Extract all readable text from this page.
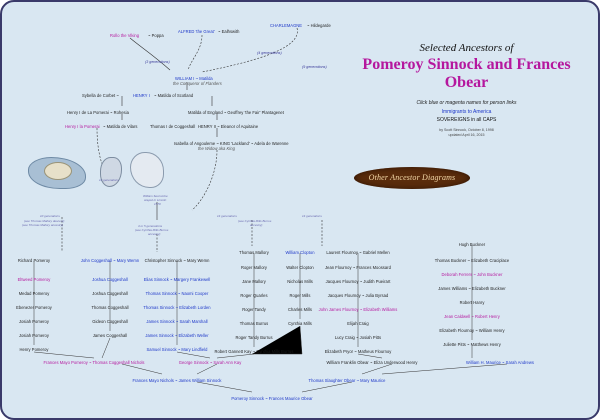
Selected Ancestors of
Pomeroy Sinnock and Frances Obear
Click blue or magenta names for person links
Immigrants to America
SOVEREIGNS in all CAPS
by Scott Sinnock, October 8, 1998
updated April 16, 2015
Other Ancestor Diagrams
Rollo the Viking ~ Poppa
ALFRED 'the Great' ~ Ealhswith
CHARLEMAGNE ~ Hildegarde
(3 generations)
(4 generations)
(9 generations)
WILLIAM I ~ Matilda
the Conqueror of Flanders
Sybella de Corbet ~	HENRY I ~ Matilda of Scotland
Henry I de La Pomerai ~ Rohesia	Matilda of England ~ Geoffrey 'the Fair' Plantagenet
Henry I la Pomerai ~ Matilda de Vilars	Thomas I de Coggeshall HENRY II ~ Eleanor of Aquitaine
Isabella of Angouleme ~ KING 'Lackland' ~ Adela de Warenne
the Widow aka King
12 generations
10 generations
(see Thomas Mallory descent)
(see Thomas Mallory ancestry)
William Seccombe
stayed in Lincoln
1570
4 or 5 generations
(see Cynthia Mills Burrus
ancestry)
14 generations
(see Cynthia Mills Burrus
ancestry)
14 generations
Richard Pomeroy
Eltweed Pomeroy
Medad Pomeroy
Ebenezer Pomeroy
Josiah Pomeroy
Josiah Pomeroy
Henry Pomeroy
John Coggeshall ~ Mary Wemn
Joshua Coggeshall
Joshua Coggeshall
Thomas Coggeshall
Gideon Coggeshall
James Coggeshall
Christopher Sinnock ~ Mary Wemn
Elias Sinnock ~ Margery Frankewell
Thomas Sinnock ~ Naomi Cooper
Thomas Sinnock ~ Elizabeth Lorden
James Sinnock ~ Sarah Marshall
James Sinnock ~ Elizabeth Weller
Samuel Sinnock ~ Mary Lindfield
Thomas Mallory
Roger Mallory
Jane Mallory
Roger Quarles
Roger Tandy
Thomas Burrus
Roger Tandy Burrus
Robert Gannett Kay ~ Cynthia Mills Burrus
William Clopton
Walter Clopton
Nicholas Mills
Roger Mills
Charles Mills
Cynthia Mills
Laurent Flournoy ~ Gabriel Mellen
Jean Flournoy ~ Frances Moossard
Jacques Flournoy ~ Judith Pueirart
Jacques Flournoy ~ Julia Byrsad
John James Flournoy ~ Elizabeth Williams
Elijah Craig
Lucy Craig ~ Josiah Pitts
Elizabeth Pryor ~ Matheus Flournoy
Hugh Buckner
Thomas Buckner ~ Elizabeth Craciplace
Deborah Ferrers ~ John Buckner
James Williams ~ Elizabeth Buckner
Robert Hanry
Jean Caldwell ~ Robert Henry
Elizabeth Flournoy ~ William Henry
Juliette Pitts ~ Matthews Henry
Frances Mayo Pomeroy ~ Thomas Coggeshall Nichols	George Sinnock ~ Sarah Ann Kay	William Franklin Obear ~ Eliza Underwood Henry	William H. Maurice ~ Sarah Andrews
Frances Mayo Nichols ~ James William Sinnock	Thomas Slaughter Obear ~ Mary Maurice
Pomeroy Sinnock ~ Frances Maurice Obear
